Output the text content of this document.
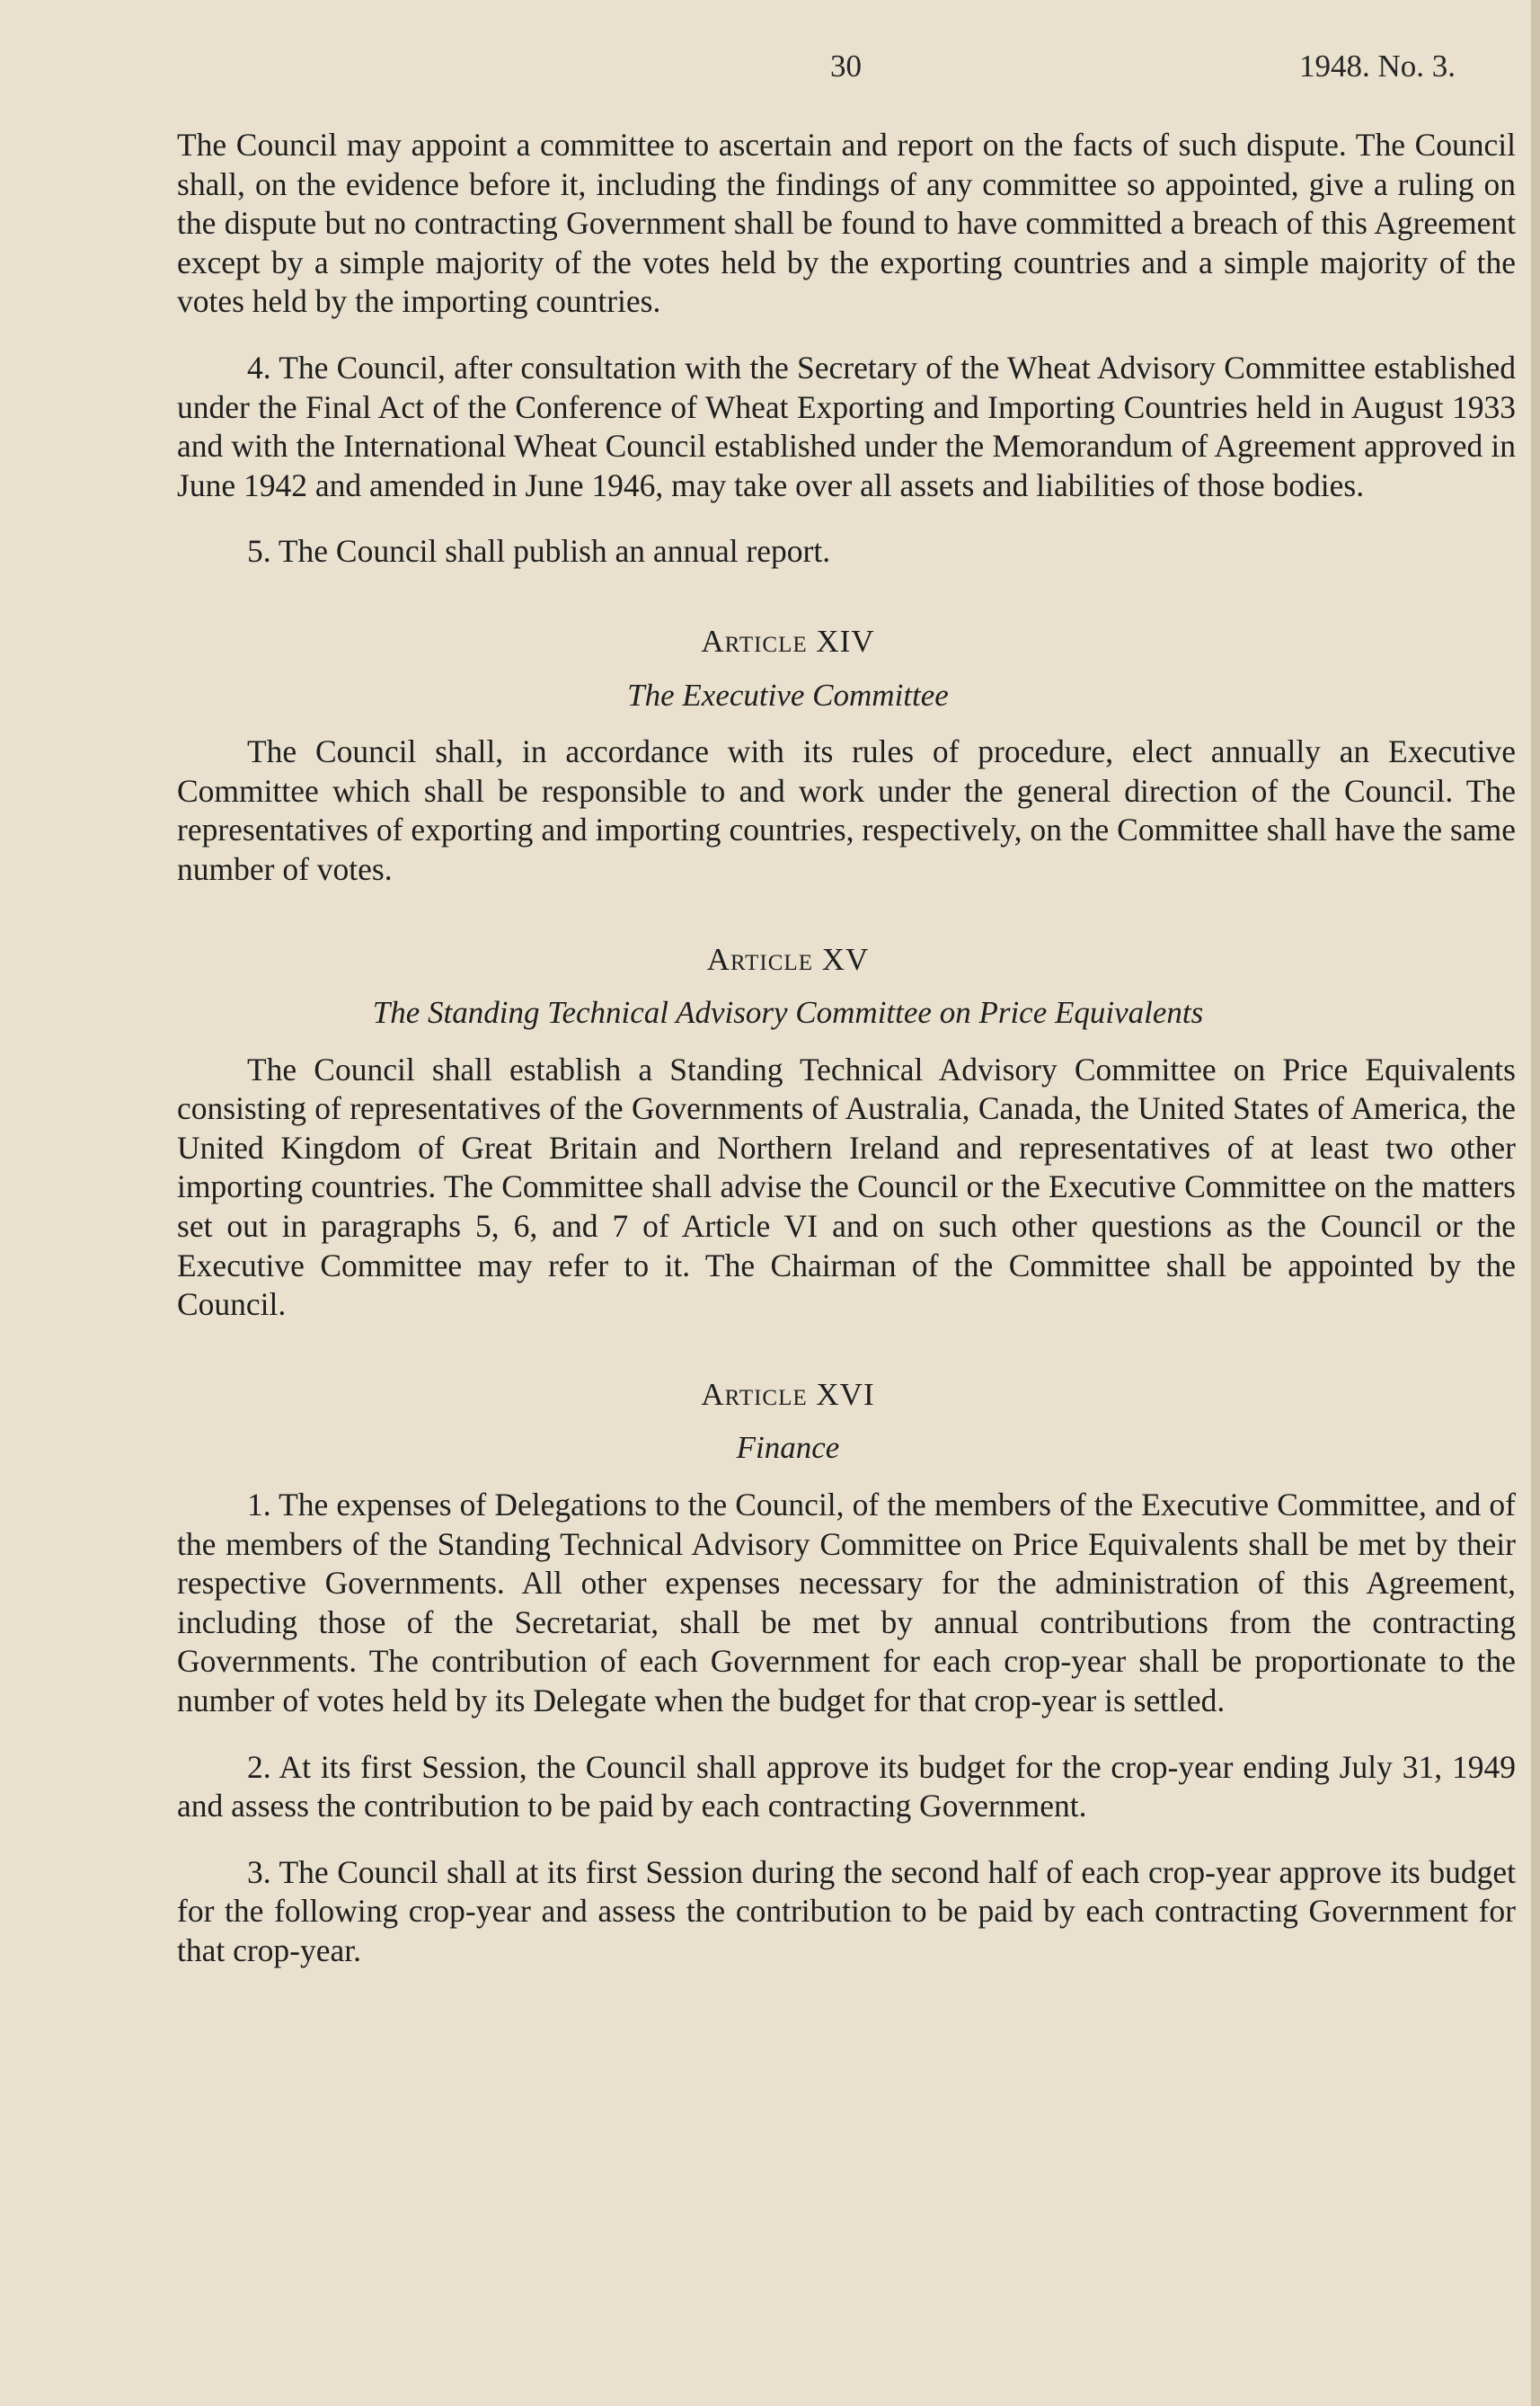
30	1948. No. 3.

The Council may appoint a committee to ascertain and report on the facts of such dispute. The Council shall, on the evidence before it, including the findings of any committee so appointed, give a ruling on the dispute but no contracting Government shall be found to have committed a breach of this Agreement except by a simple majority of the votes held by the exporting countries and a simple majority of the votes held by the importing countries.

4. The Council, after consultation with the Secretary of the Wheat Advisory Committee established under the Final Act of the Conference of Wheat Exporting and Importing Countries held in August 1933 and with the International Wheat Council established under the Memorandum of Agreement approved in June 1942 and amended in June 1946, may take over all assets and liabilities of those bodies.

5. The Council shall publish an annual report.

Article XIV
The Executive Committee

The Council shall, in accordance with its rules of procedure, elect annually an Executive Committee which shall be responsible to and work under the general direction of the Council. The representatives of exporting and importing countries, respectively, on the Committee shall have the same number of votes.

Article XV
The Standing Technical Advisory Committee on Price Equivalents

The Council shall establish a Standing Technical Advisory Committee on Price Equivalents consisting of representatives of the Governments of Australia, Canada, the United States of America, the United Kingdom of Great Britain and Northern Ireland and representatives of at least two other importing countries. The Committee shall advise the Council or the Executive Committee on the matters set out in paragraphs 5, 6, and 7 of Article VI and on such other questions as the Council or the Executive Committee may refer to it. The Chairman of the Committee shall be appointed by the Council.

Article XVI
Finance

1. The expenses of Delegations to the Council, of the members of the Executive Committee, and of the members of the Standing Technical Advisory Committee on Price Equivalents shall be met by their respective Governments. All other expenses necessary for the administration of this Agreement, including those of the Secretariat, shall be met by annual contributions from the contracting Governments. The contribution of each Government for each crop-year shall be proportionate to the number of votes held by its Delegate when the budget for that crop-year is settled.

2. At its first Session, the Council shall approve its budget for the crop-year ending July 31, 1949 and assess the contribution to be paid by each contracting Government.

3. The Council shall at its first Session during the second half of each crop-year approve its budget for the following crop-year and assess the contribution to be paid by each contracting Government for that crop-year.
